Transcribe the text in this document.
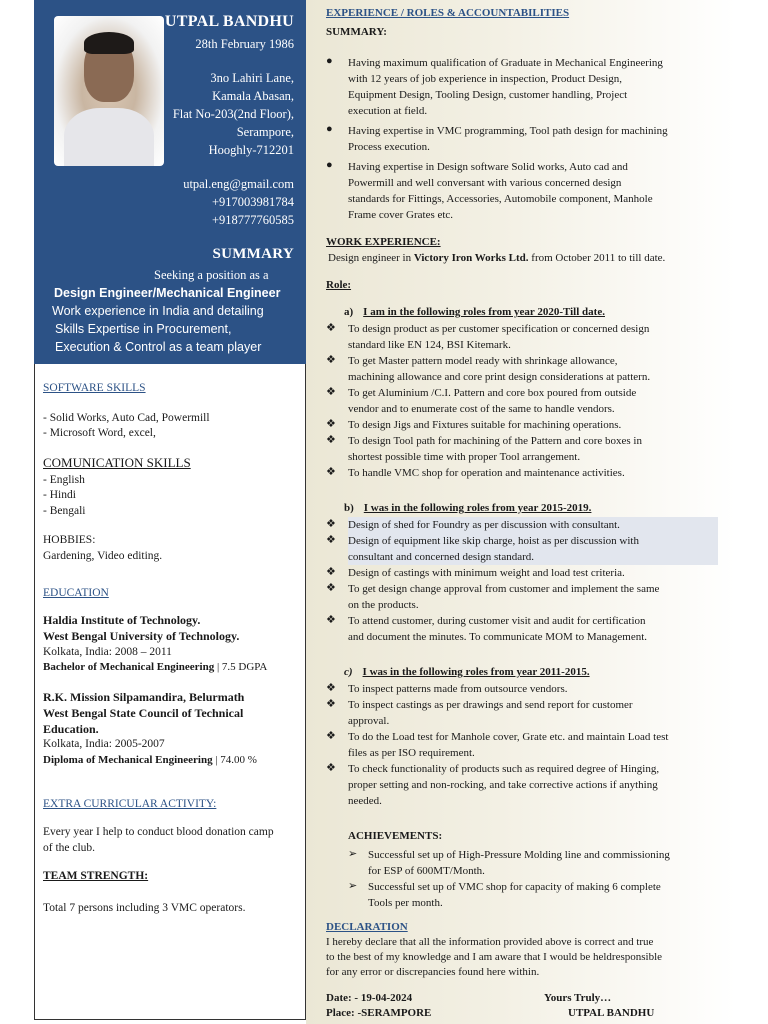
UTPAL BANDHU
28th February 1986
3no Lahiri Lane,
Kamala Abasan,
Flat No-203(2nd Floor),
Serampore,
Hooghly-712201
utpal.eng@gmail.com
+917003981784
+918777760585
SUMMARY
Seeking a position as a
Design Engineer/Mechanical Engineer
Work experience in India and detailing
Skills Expertise in Procurement,
Execution & Control as a team player
SOFTWARE SKILLS
- Solid Works, Auto Cad, Powermill
- Microsoft Word, excel,
COMUNICATION SKILLS
- English
- Hindi
- Bengali
HOBBIES:
Gardening, Video editing.
EDUCATION
Haldia Institute of Technology.
West Bengal University of Technology.
Kolkata, India: 2008 – 2011
Bachelor of Mechanical Engineering | 7.5 DGPA
R.K. Mission Silpamandira, Belurmath
West Bengal State Council of Technical
Education.
Kolkata, India: 2005-2007
Diploma of Mechanical Engineering | 74.00 %
EXTRA CURRICULAR ACTIVITY:
Every year I help to conduct blood donation camp
of the club.
TEAM STRENGTH:
Total 7 persons including 3 VMC operators.
EXPERIENCE / ROLES & ACCOUNTABILITIES
SUMMARY:
WORK EXPERIENCE:
Design engineer in Victory Iron Works Ltd. from October 2011 to till date.
Role:
ACHIEVEMENTS:
DECLARATION
I hereby declare that all the information provided above is correct and true
to the best of my knowledge and I am aware that I would be heldresponsible
for any error or discrepancies found here within.
Date: - 19-04-2024
Place: -SERAMPORE
Yours Truly…
UTPAL BANDHU
● Having maximum qualification of Graduate in Mechanical Engineering
with 12 years of job experience in inspection, Product Design,
Equipment Design, Tooling Design, customer handling, Project
execution at field.
● Having expertise in VMC programming, Tool path design for machining
Process execution.
● Having expertise in Design software Solid works, Auto cad and
Powermill and well conversant with various concerned design
standards for Fittings, Accessories, Automobile component, Manhole
Frame cover Grates etc.
a) I am in the following roles from year 2020-Till date.
❖ To design product as per customer specification or concerned design
standard like EN 124, BSI Kitemark.
❖ To get Master pattern model ready with shrinkage allowance,
machining allowance and core print design considerations at pattern.
❖ To get Aluminium /C.I. Pattern and core box poured from outside
vendor and to enumerate cost of the same to handle vendors.
❖ To design Jigs and Fixtures suitable for machining operations.
❖ To design Tool path for machining of the Pattern and core boxes in
shortest possible time with proper Tool arrangement.
❖ To handle VMC shop for operation and maintenance activities.
b) I was in the following roles from year 2015-2019.
❖ Design of shed for Foundry as per discussion with consultant.
❖ Design of equipment like skip charge, hoist as per discussion with
consultant and concerned design standard.
❖ Design of castings with minimum weight and load test criteria.
❖ To get design change approval from customer and implement the same
on the products.
❖ To attend customer, during customer visit and audit for certification
and document the minutes. To communicate MOM to Management.
c) I was in the following roles from year 2011-2015.
❖ To inspect patterns made from outsource vendors.
❖ To inspect castings as per drawings and send report for customer
approval.
❖ To do the Load test for Manhole cover, Grate etc. and maintain Load test
files as per ISO requirement.
❖ To check functionality of products such as required degree of Hinging,
proper setting and non-rocking, and take corrective actions if anything
needed.
➢ Successful set up of High-Pressure Molding line and commissioning
for ESP of 600MT/Month.
➢ Successful set up of VMC shop for capacity of making 6 complete
Tools per month.
